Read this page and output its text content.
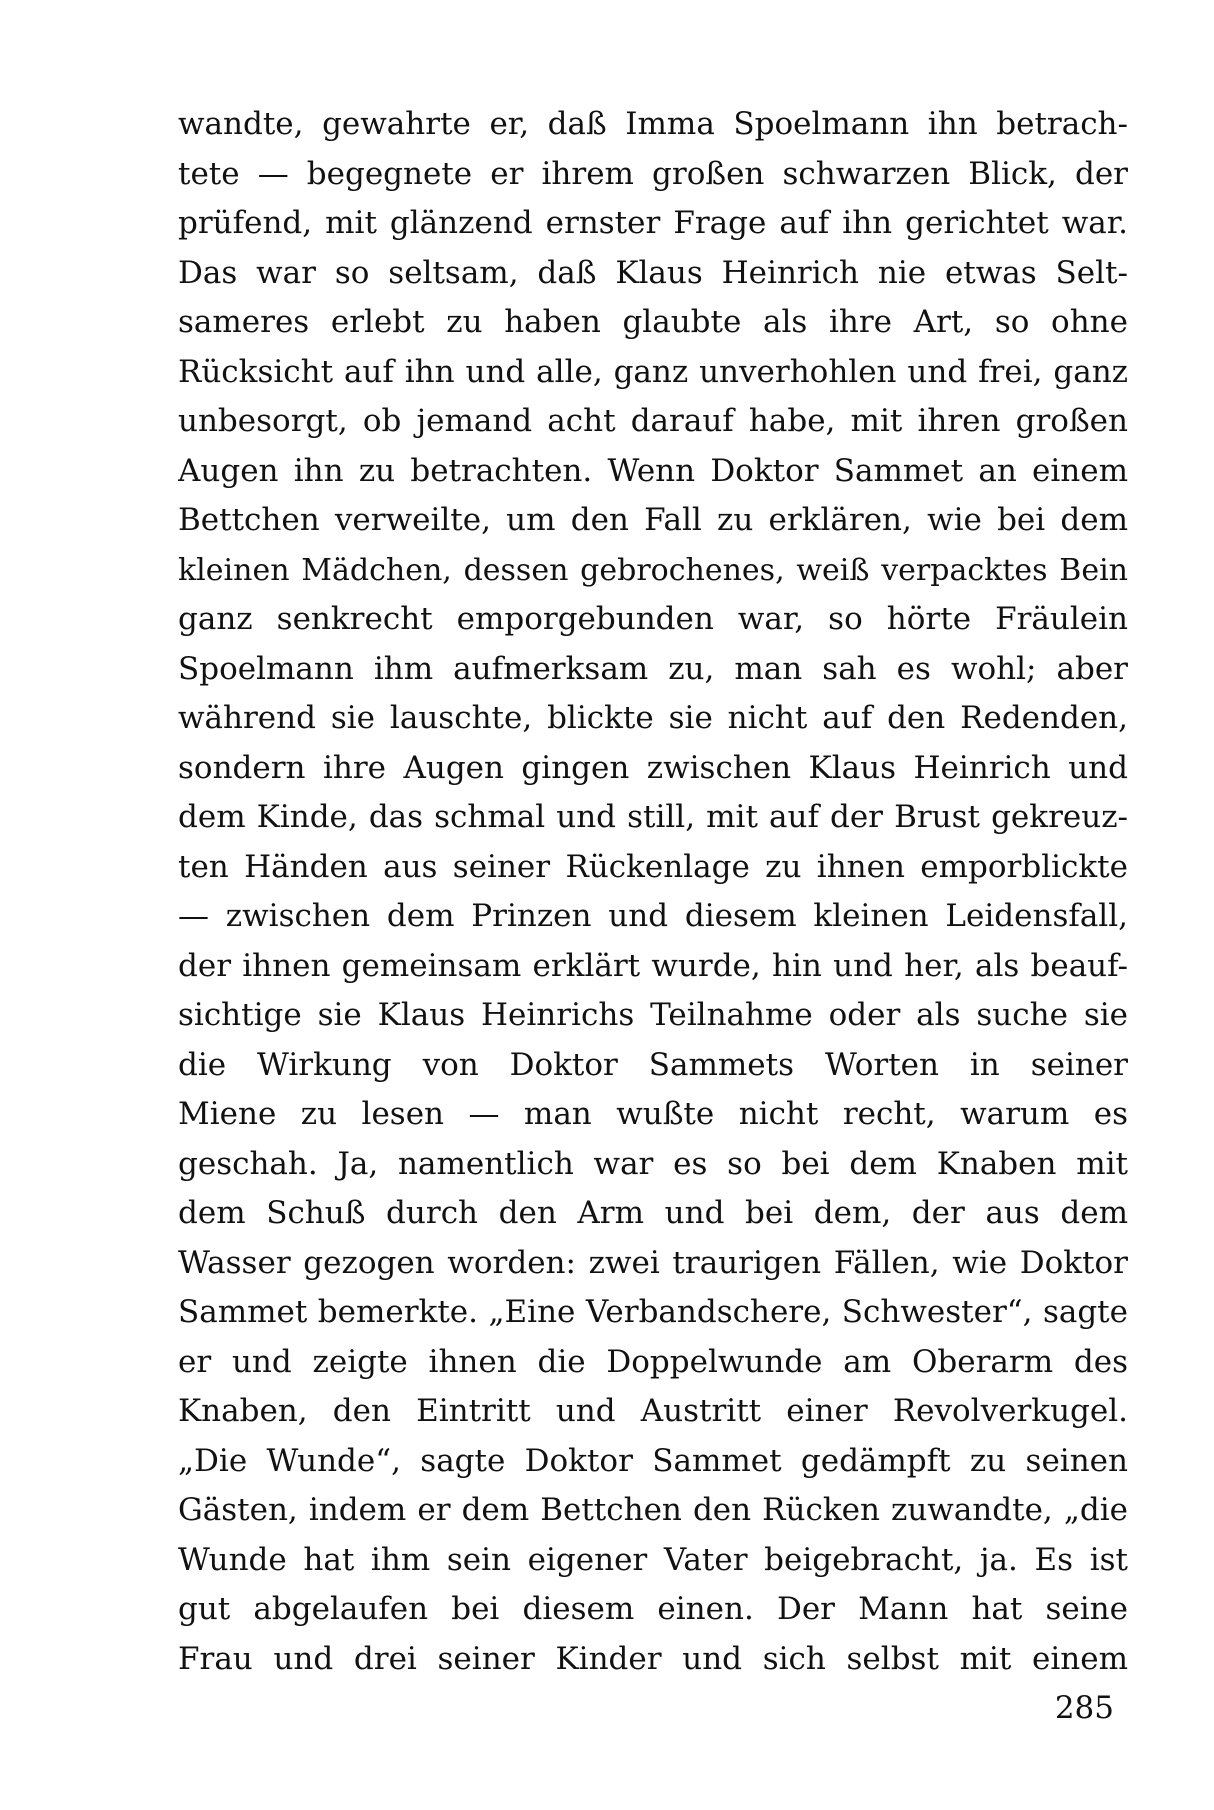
wandte, gewahrte er, daß Imma Spoelmann ihn betrach-
tete — begegnete er ihrem großen schwarzen Blick, der
prüfend, mit glänzend ernster Frage auf ihn gerichtet war.
Das war so seltsam, daß Klaus Heinrich nie etwas Selt-
sameres erlebt zu haben glaubte als ihre Art, so ohne
Rücksicht auf ihn und alle, ganz unverhohlen und frei, ganz
unbesorgt, ob jemand acht darauf habe, mit ihren großen
Augen ihn zu betrachten. Wenn Doktor Sammet an einem
Bettchen verweilte, um den Fall zu erklären, wie bei dem
kleinen Mädchen, dessen gebrochenes, weiß verpacktes Bein
ganz senkrecht emporgebunden war, so hörte Fräulein
Spoelmann ihm aufmerksam zu, man sah es wohl; aber
während sie lauschte, blickte sie nicht auf den Redenden,
sondern ihre Augen gingen zwischen Klaus Heinrich und
dem Kinde, das schmal und still, mit auf der Brust gekreuz-
ten Händen aus seiner Rückenlage zu ihnen emporblickte
— zwischen dem Prinzen und diesem kleinen Leidensfall,
der ihnen gemeinsam erklärt wurde, hin und her, als beauf-
sichtige sie Klaus Heinrichs Teilnahme oder als suche sie
die Wirkung von Doktor Sammets Worten in seiner
Miene zu lesen — man wußte nicht recht, warum es
geschah. Ja, namentlich war es so bei dem Knaben mit
dem Schuß durch den Arm und bei dem, der aus dem
Wasser gezogen worden: zwei traurigen Fällen, wie Doktor
Sammet bemerkte. „Eine Verbandschere, Schwester“, sagte
er und zeigte ihnen die Doppelwunde am Oberarm des
Knaben, den Eintritt und Austritt einer Revolverkugel.
„Die Wunde“, sagte Doktor Sammet gedämpft zu seinen
Gästen, indem er dem Bettchen den Rücken zuwandte, „die
Wunde hat ihm sein eigener Vater beigebracht, ja. Es ist
gut abgelaufen bei diesem einen. Der Mann hat seine
Frau und drei seiner Kinder und sich selbst mit einem
285
